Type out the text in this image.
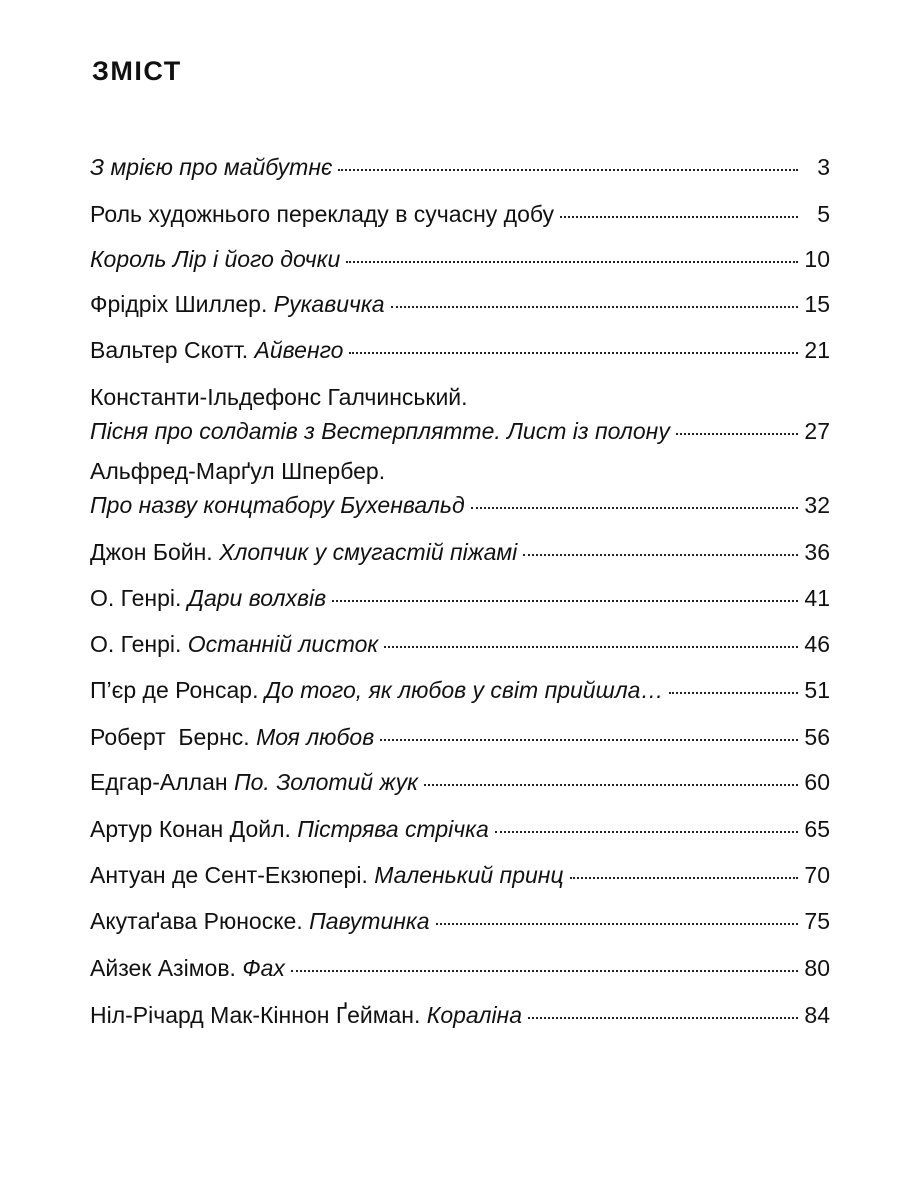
ЗМІСТ
З мрією про майбутнє	3
Роль художнього перекладу в сучасну добу	5
Король Лір і його дочки	10
Фрідріх Шиллер. Рукавичка	15
Вальтер Скотт. Айвенго	21
Константи-Ільдефонс Галчинський.
Пісня про солдатів з Вестерплятте. Лист із полону	27
Альфред-Марґул Шпербер.
Про назву концтабору Бухенвальд	32
Джон Бойн. Хлопчик у смугастій піжамі	36
О. Генрі. Дари волхвів	41
О. Генрі. Останній листок	46
П’єр де Ронсар. До того, як любов у світ прийшла…	51
Роберт  Бернс. Моя любов	56
Едгар-Аллан По. Золотий жук	60
Артур Конан Дойл. Пістрява стрічка	65
Антуан де Сент-Екзюпері. Маленький принц	70
Акутаґава Рюноске. Павутинка	75
Айзек Азімов. Фах	80
Ніл-Річард Мак-Кіннон Ґейман. Кораліна	84
